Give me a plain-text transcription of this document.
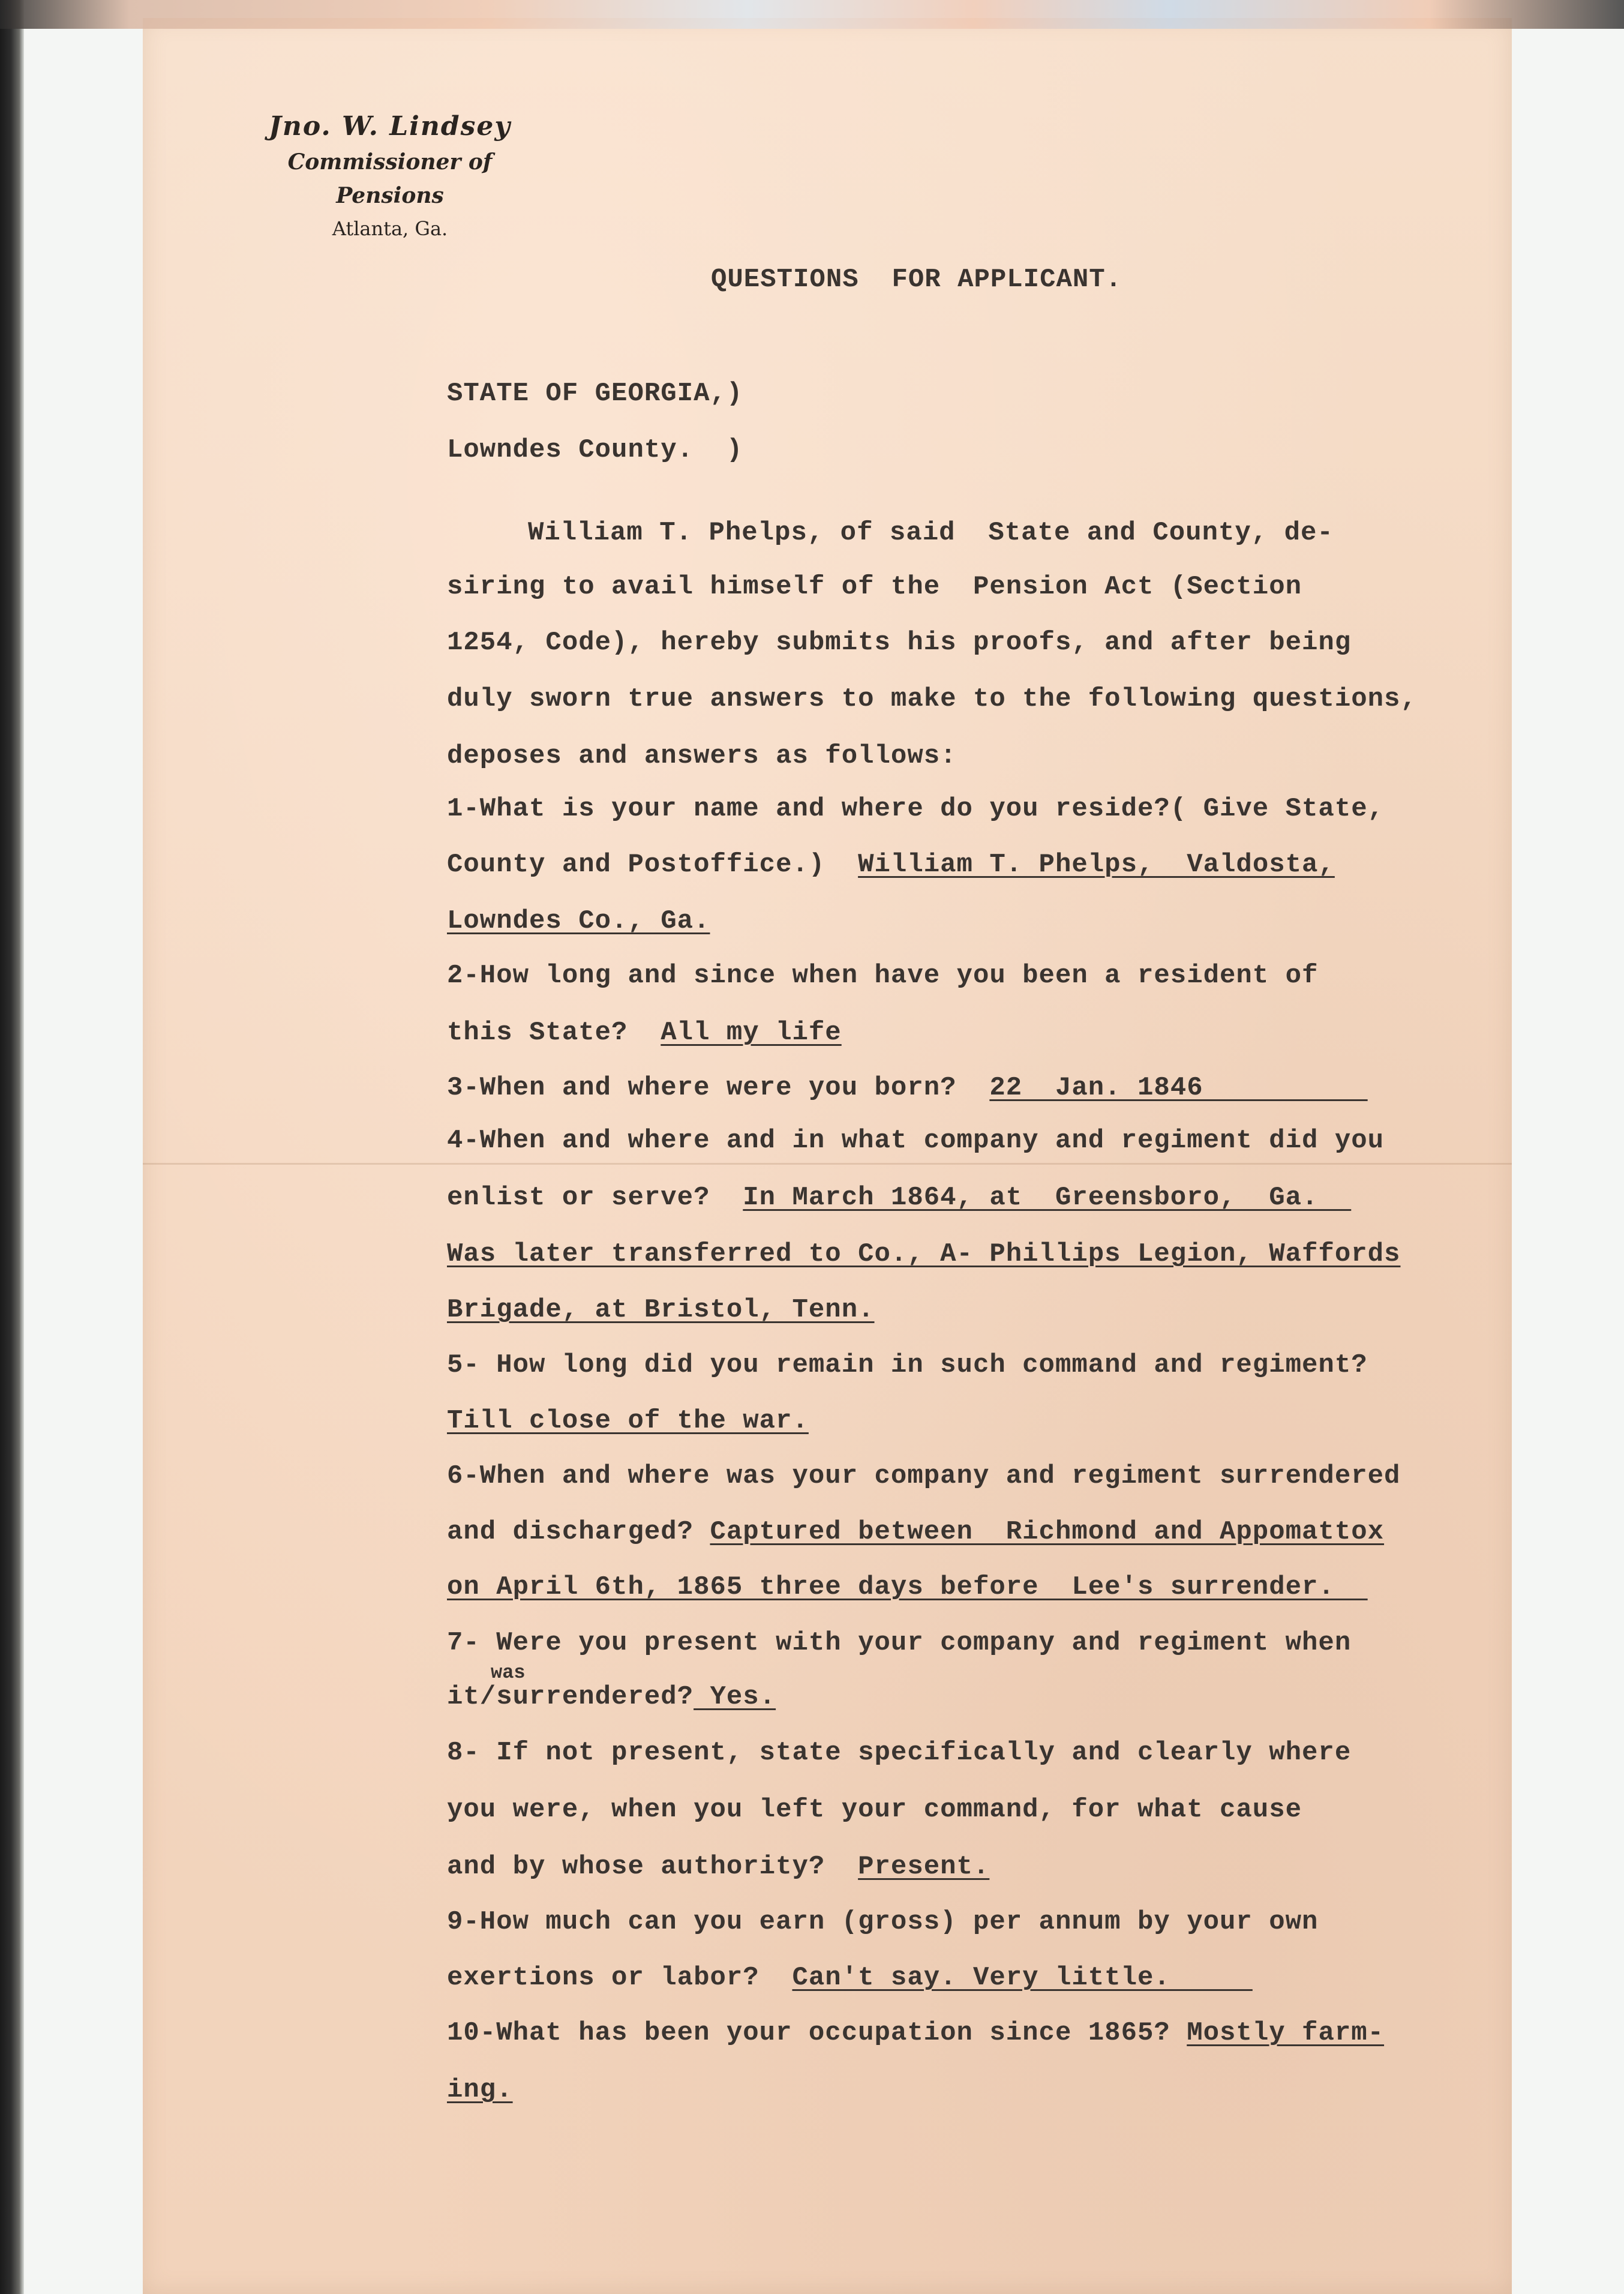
Jno. W. Lindsey
Commissioner of Pensions
Atlanta, Ga.
QUESTIONS  FOR APPLICANT.
STATE OF GEORGIA,)
Lowndes County.  )
William T. Phelps, of said  State and County, de-
siring to avail himself of the  Pension Act (Section
1254, Code), hereby submits his proofs, and after being
duly sworn true answers to make to the following questions,
deposes and answers as follows:
1-What is your name and where do you reside?( Give State,
County and Postoffice.)  William T. Phelps,  Valdosta,
Lowndes Co., Ga.
2-How long and since when have you been a resident of
this State?  All my life
3-When and where were you born?  22  Jan. 1846
4-When and where and in what company and regiment did you
enlist or serve?  In March 1864, at  Greensboro,  Ga.
Was later transferred to Co., A- Phillips Legion, Waffords
Brigade, at Bristol, Tenn.
5- How long did you remain in such command and regiment?
Till close of the war.
6-When and where was your company and regiment surrendered
and discharged? Captured between  Richmond and Appomattox
on April 6th, 1865 three days before  Lee's surrender.
7- Were you present with your company and regiment when
was
it/surrendered? Yes.
8- If not present, state specifically and clearly where
you were, when you left your command, for what cause
and by whose authority?  Present.
9-How much can you earn (gross) per annum by your own
exertions or labor?  Can't say. Very little.
10-What has been your occupation since 1865? Mostly farm-
ing.
